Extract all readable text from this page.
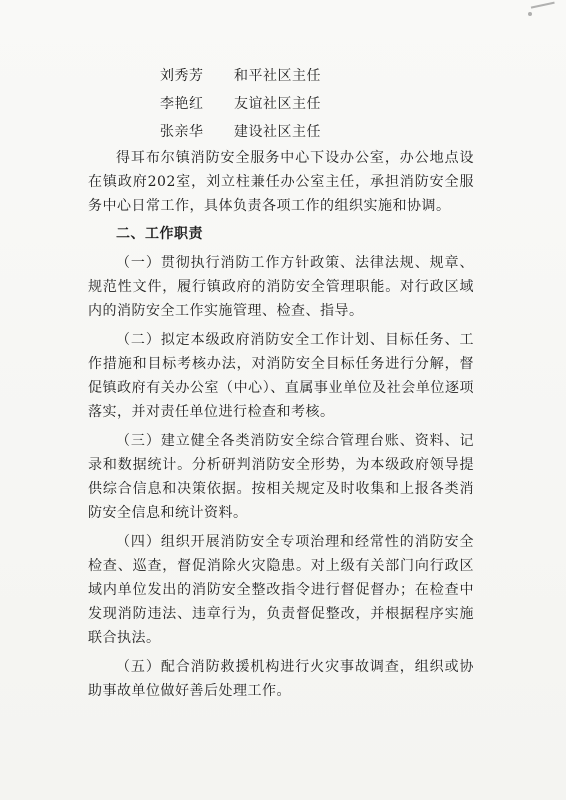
刘秀芳	和平社区主任
李艳红	友谊社区主任
张亲华	建设社区主任

得耳布尔镇消防安全服务中心下设办公室，办公地点设在镇政府202室，刘立柱兼任办公室主任，承担消防安全服务中心日常工作，具体负责各项工作的组织实施和协调。

二、工作职责

（一）贯彻执行消防工作方针政策、法律法规、规章、规范性文件，履行镇政府的消防安全管理职能。对行政区域内的消防安全工作实施管理、检查、指导。

（二）拟定本级政府消防安全工作计划、目标任务、工作措施和目标考核办法，对消防安全目标任务进行分解，督促镇政府有关办公室（中心）、直属事业单位及社会单位逐项落实，并对责任单位进行检查和考核。

（三）建立健全各类消防安全综合管理台账、资料、记录和数据统计。分析研判消防安全形势，为本级政府领导提供综合信息和决策依据。按相关规定及时收集和上报各类消防安全信息和统计资料。

（四）组织开展消防安全专项治理和经常性的消防安全检查、巡查，督促消除火灾隐患。对上级有关部门向行政区域内单位发出的消防安全整改指令进行督促督办；在检查中发现消防违法、违章行为，负责督促整改，并根据程序实施联合执法。

（五）配合消防救援机构进行火灾事故调查，组织或协助事故单位做好善后处理工作。
